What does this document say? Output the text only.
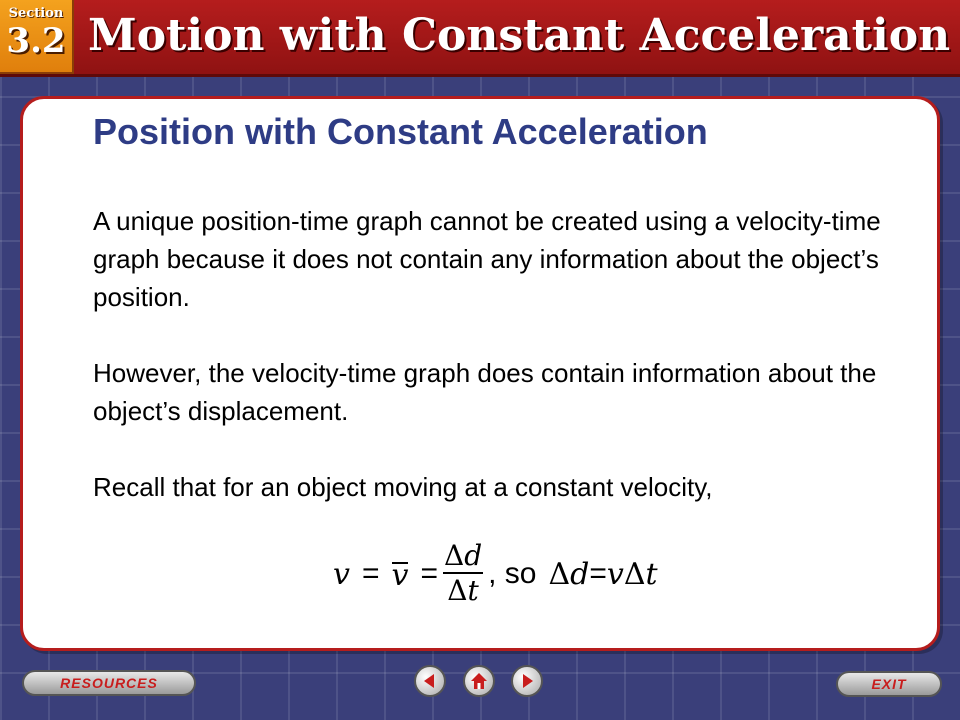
Section
3.2 Motion with Constant Acceleration
Position with Constant Acceleration

A unique position-time graph cannot be created using a velocity-time graph because it does not contain any information about the object’s position.

However, the velocity-time graph does contain information about the object’s displacement.

Recall that for an object moving at a constant velocity,

$v = v = \frac{\Delta d}{\Delta t}$ , so Δd = vΔt
RESOURCES	EXIT
